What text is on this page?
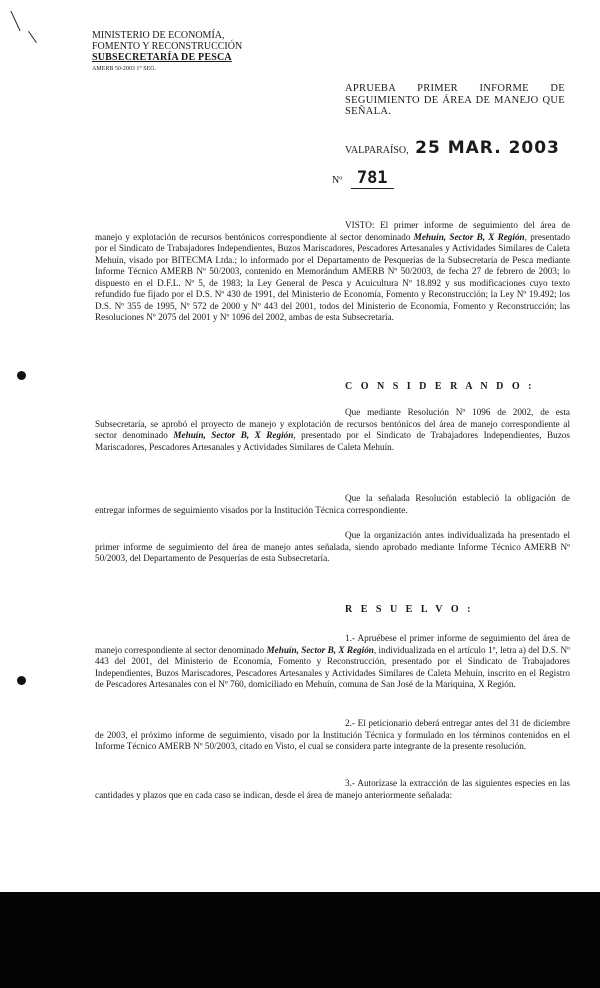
MINISTERIO DE ECONOMÍA,
FOMENTO Y RECONSTRUCCIÓN
SUBSECRETARÍA DE PESCA
AMERB 50-2003 1° SEG.
APRUEBA PRIMER INFORME DE SEGUIMIENTO DE ÁREA DE MANEJO QUE SEÑALA.
VALPARAÍSO, 25 MAR. 2003
Nº 781
VISTO: El primer informe de seguimiento del área de manejo y explotación de recursos bentónicos correspondiente al sector denominado Mehuín, Sector B, X Región, presentado por el Sindicato de Trabajadores Independientes, Buzos Mariscadores, Pescadores Artesanales y Actividades Similares de Caleta Mehuín, visado por BITECMA Ltda.; lo informado por el Departamento de Pesquerías de la Subsecretaría de Pesca mediante Informe Técnico AMERB Nº 50/2003, contenido en Memorándum AMERB Nº 50/2003, de fecha 27 de febrero de 2003; lo dispuesto en el D.F.L. Nº 5, de 1983; la Ley General de Pesca y Acuicultura Nº 18.892 y sus modificaciones cuyo texto refundido fue fijado por el D.S. Nº 430 de 1991, del Ministerio de Economía, Fomento y Reconstrucción; la Ley Nº 19.492; los D.S. Nº 355 de 1995, Nº 572 de 2000 y Nº 443 del 2001, todos del Ministerio de Economía, Fomento y Reconstrucción; las Resoluciones Nº 2075 del 2001 y Nº 1096 del 2002, ambas de esta Subsecretaría.
C O N S I D E R A N D O :
Que mediante Resolución Nº 1096 de 2002, de esta Subsecretaría, se aprobó el proyecto de manejo y explotación de recursos bentónicos del área de manejo correspondiente al sector denominado Mehuín, Sector B, X Región, presentado por el Sindicato de Trabajadores Independientes, Buzos Mariscadores, Pescadores Artesanales y Actividades Similares de Caleta Mehuín.
Que la señalada Resolución estableció la obligación de entregar informes de seguimiento visados por la Institución Técnica correspondiente.
Que la organización antes individualizada ha presentado el primer informe de seguimiento del área de manejo antes señalada, siendo aprobado mediante Informe Técnico AMERB Nº 50/2003, del Departamento de Pesquerías de esta Subsecretaría.
R E S U E L V O :
1.- Apruébese el primer informe de seguimiento del área de manejo correspondiente al sector denominado Mehuín, Sector B, X Región, individualizada en el artículo 1º, letra a) del D.S. Nº 443 del 2001, del Ministerio de Economía, Fomento y Reconstrucción, presentado por el Sindicato de Trabajadores Independientes, Buzos Mariscadores, Pescadores Artesanales y Actividades Similares de Caleta Mehuín, inscrito en el Registro de Pescadores Artesanales con el Nº 760, domiciliado en Mehuín, comuna de San José de la Mariquina, X Región.
2.- El peticionario deberá entregar antes del 31 de diciembre de 2003, el próximo informe de seguimiento, visado por la Institución Técnica y formulado en los términos contenidos en el Informe Técnico AMERB Nº 50/2003, citado en Visto, el cual se considera parte integrante de la presente resolución.
3.- Autorízase la extracción de las siguientes especies en las cantidades y plazos que en cada caso se indican, desde el área de manejo anteriormente señalada:
